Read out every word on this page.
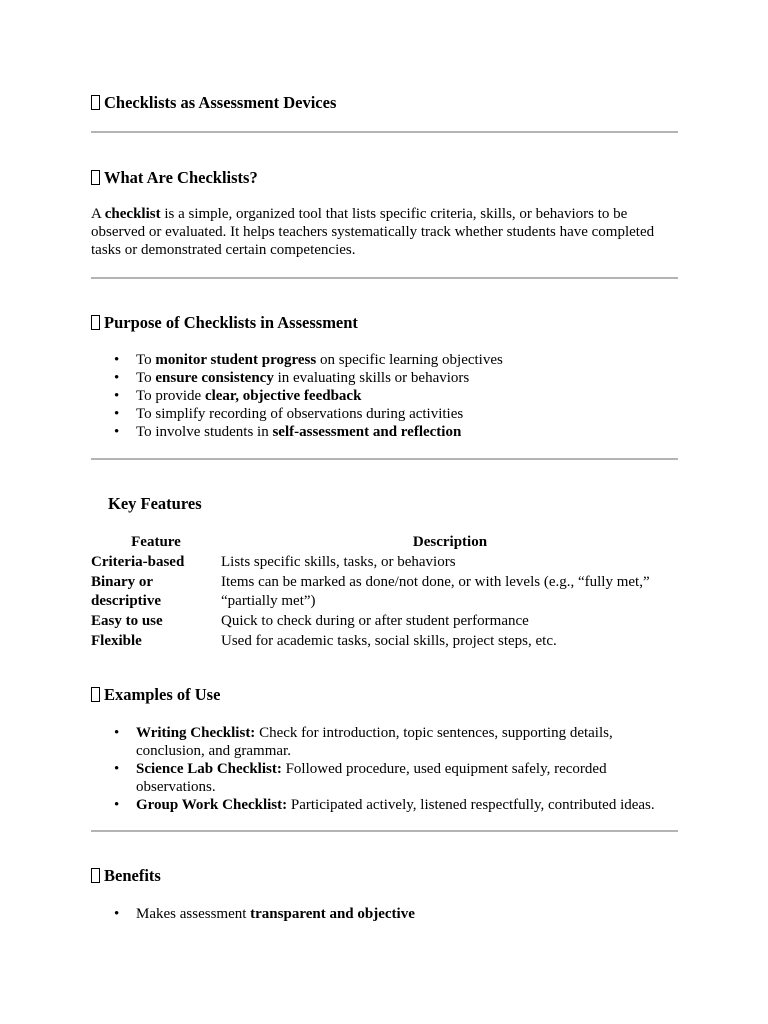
Checklists as Assessment Devices
What Are Checklists?

A checklist is a simple, organized tool that lists specific criteria, skills, or behaviors to be observed or evaluated. It helps teachers systematically track whether students have completed tasks or demonstrated certain competencies.

Purpose of Checklists in Assessment
• To monitor student progress on specific learning objectives
• To ensure consistency in evaluating skills or behaviors
• To provide clear, objective feedback
• To simplify recording of observations during activities
• To involve students in self-assessment and reflection
Key Features
Feature	Description
Criteria-based	Lists specific skills, tasks, or behaviors
Binary or descriptive	Items can be marked as done/not done, or with levels (e.g., “fully met,” “partially met”)
Easy to use	Quick to check during or after student performance
Flexible	Used for academic tasks, social skills, project steps, etc.
Examples of Use
• Writing Checklist: Check for introduction, topic sentences, supporting details, conclusion, and grammar.
• Science Lab Checklist: Followed procedure, used equipment safely, recorded observations.
• Group Work Checklist: Participated actively, listened respectfully, contributed ideas.
Benefits
• Makes assessment transparent and objective
